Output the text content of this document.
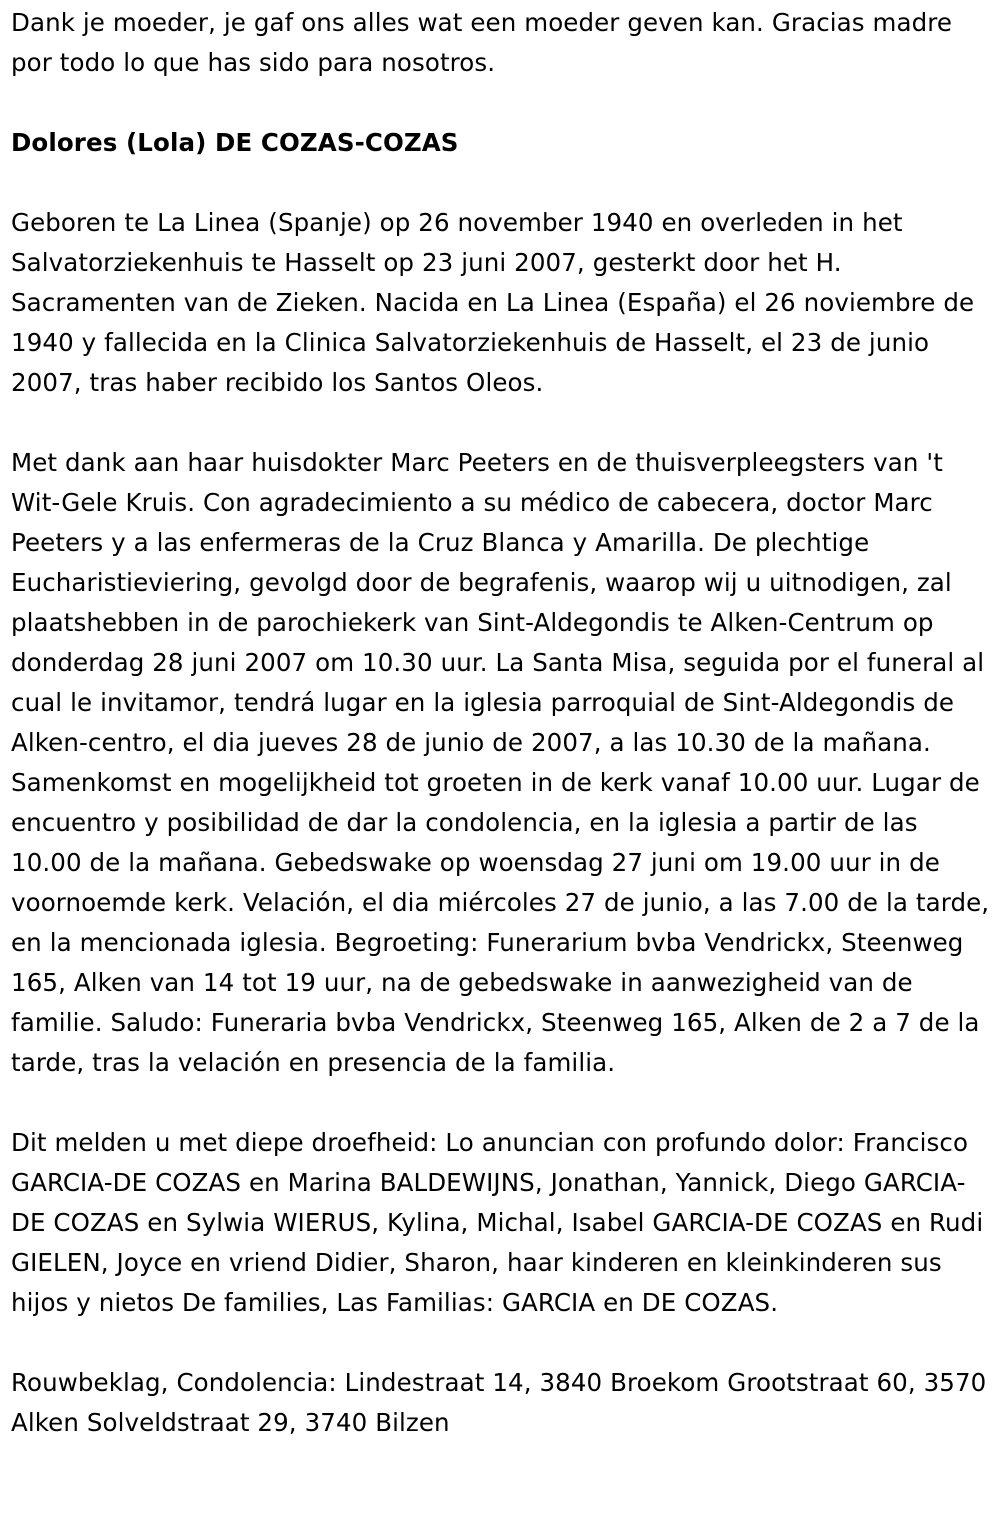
Dank je moeder, je gaf ons alles wat een moeder geven kan. Gracias madre por todo lo que has sido para nosotros.

Dolores (Lola) DE COZAS-COZAS

Geboren te La Linea (Spanje) op 26 november 1940 en overleden in het Salvatorziekenhuis te Hasselt op 23 juni 2007, gesterkt door het H. Sacramenten van de Zieken. Nacida en La Linea (España) el 26 noviembre de 1940 y fallecida en la Clinica Salvatorziekenhuis de Hasselt, el 23 de junio 2007, tras haber recibido los Santos Oleos.

Met dank aan haar huisdokter Marc Peeters en de thuisverpleegsters van 't Wit-Gele Kruis. Con agradecimiento a su médico de cabecera, doctor Marc Peeters y a las enfermeras de la Cruz Blanca y Amarilla. De plechtige Eucharistieviering, gevolgd door de begrafenis, waarop wij u uitnodigen, zal plaatshebben in de parochiekerk van Sint-Aldegondis te Alken-Centrum op donderdag 28 juni 2007 om 10.30 uur. La Santa Misa, seguida por el funeral al cual le invitamor, tendrá lugar en la iglesia parroquial de Sint-Aldegondis de Alken-centro, el dia jueves 28 de junio de 2007, a las 10.30 de la mañana. Samenkomst en mogelijkheid tot groeten in de kerk vanaf 10.00 uur. Lugar de encuentro y posibilidad de dar la condolencia, en la iglesia a partir de las 10.00 de la mañana. Gebedswake op woensdag 27 juni om 19.00 uur in de voornoemde kerk. Velación, el dia miércoles 27 de junio, a las 7.00 de la tarde, en la mencionada iglesia. Begroeting: Funerarium bvba Vendrickx, Steenweg 165, Alken van 14 tot 19 uur, na de gebedswake in aanwezigheid van de familie. Saludo: Funeraria bvba Vendrickx, Steenweg 165, Alken de 2 a 7 de la tarde, tras la velación en presencia de la familia.

Dit melden u met diepe droefheid: Lo anuncian con profundo dolor: Francisco GARCIA-DE COZAS en Marina BALDEWIJNS, Jonathan, Yannick, Diego GARCIA-DE COZAS en Sylwia WIERUS, Kylina, Michal, Isabel GARCIA-DE COZAS en Rudi GIELEN, Joyce en vriend Didier, Sharon, haar kinderen en kleinkinderen sus hijos y nietos De families, Las Familias: GARCIA en DE COZAS.

Rouwbeklag, Condolencia: Lindestraat 14, 3840 Broekom Grootstraat 60, 3570 Alken Solveldstraat 29, 3740 Bilzen
